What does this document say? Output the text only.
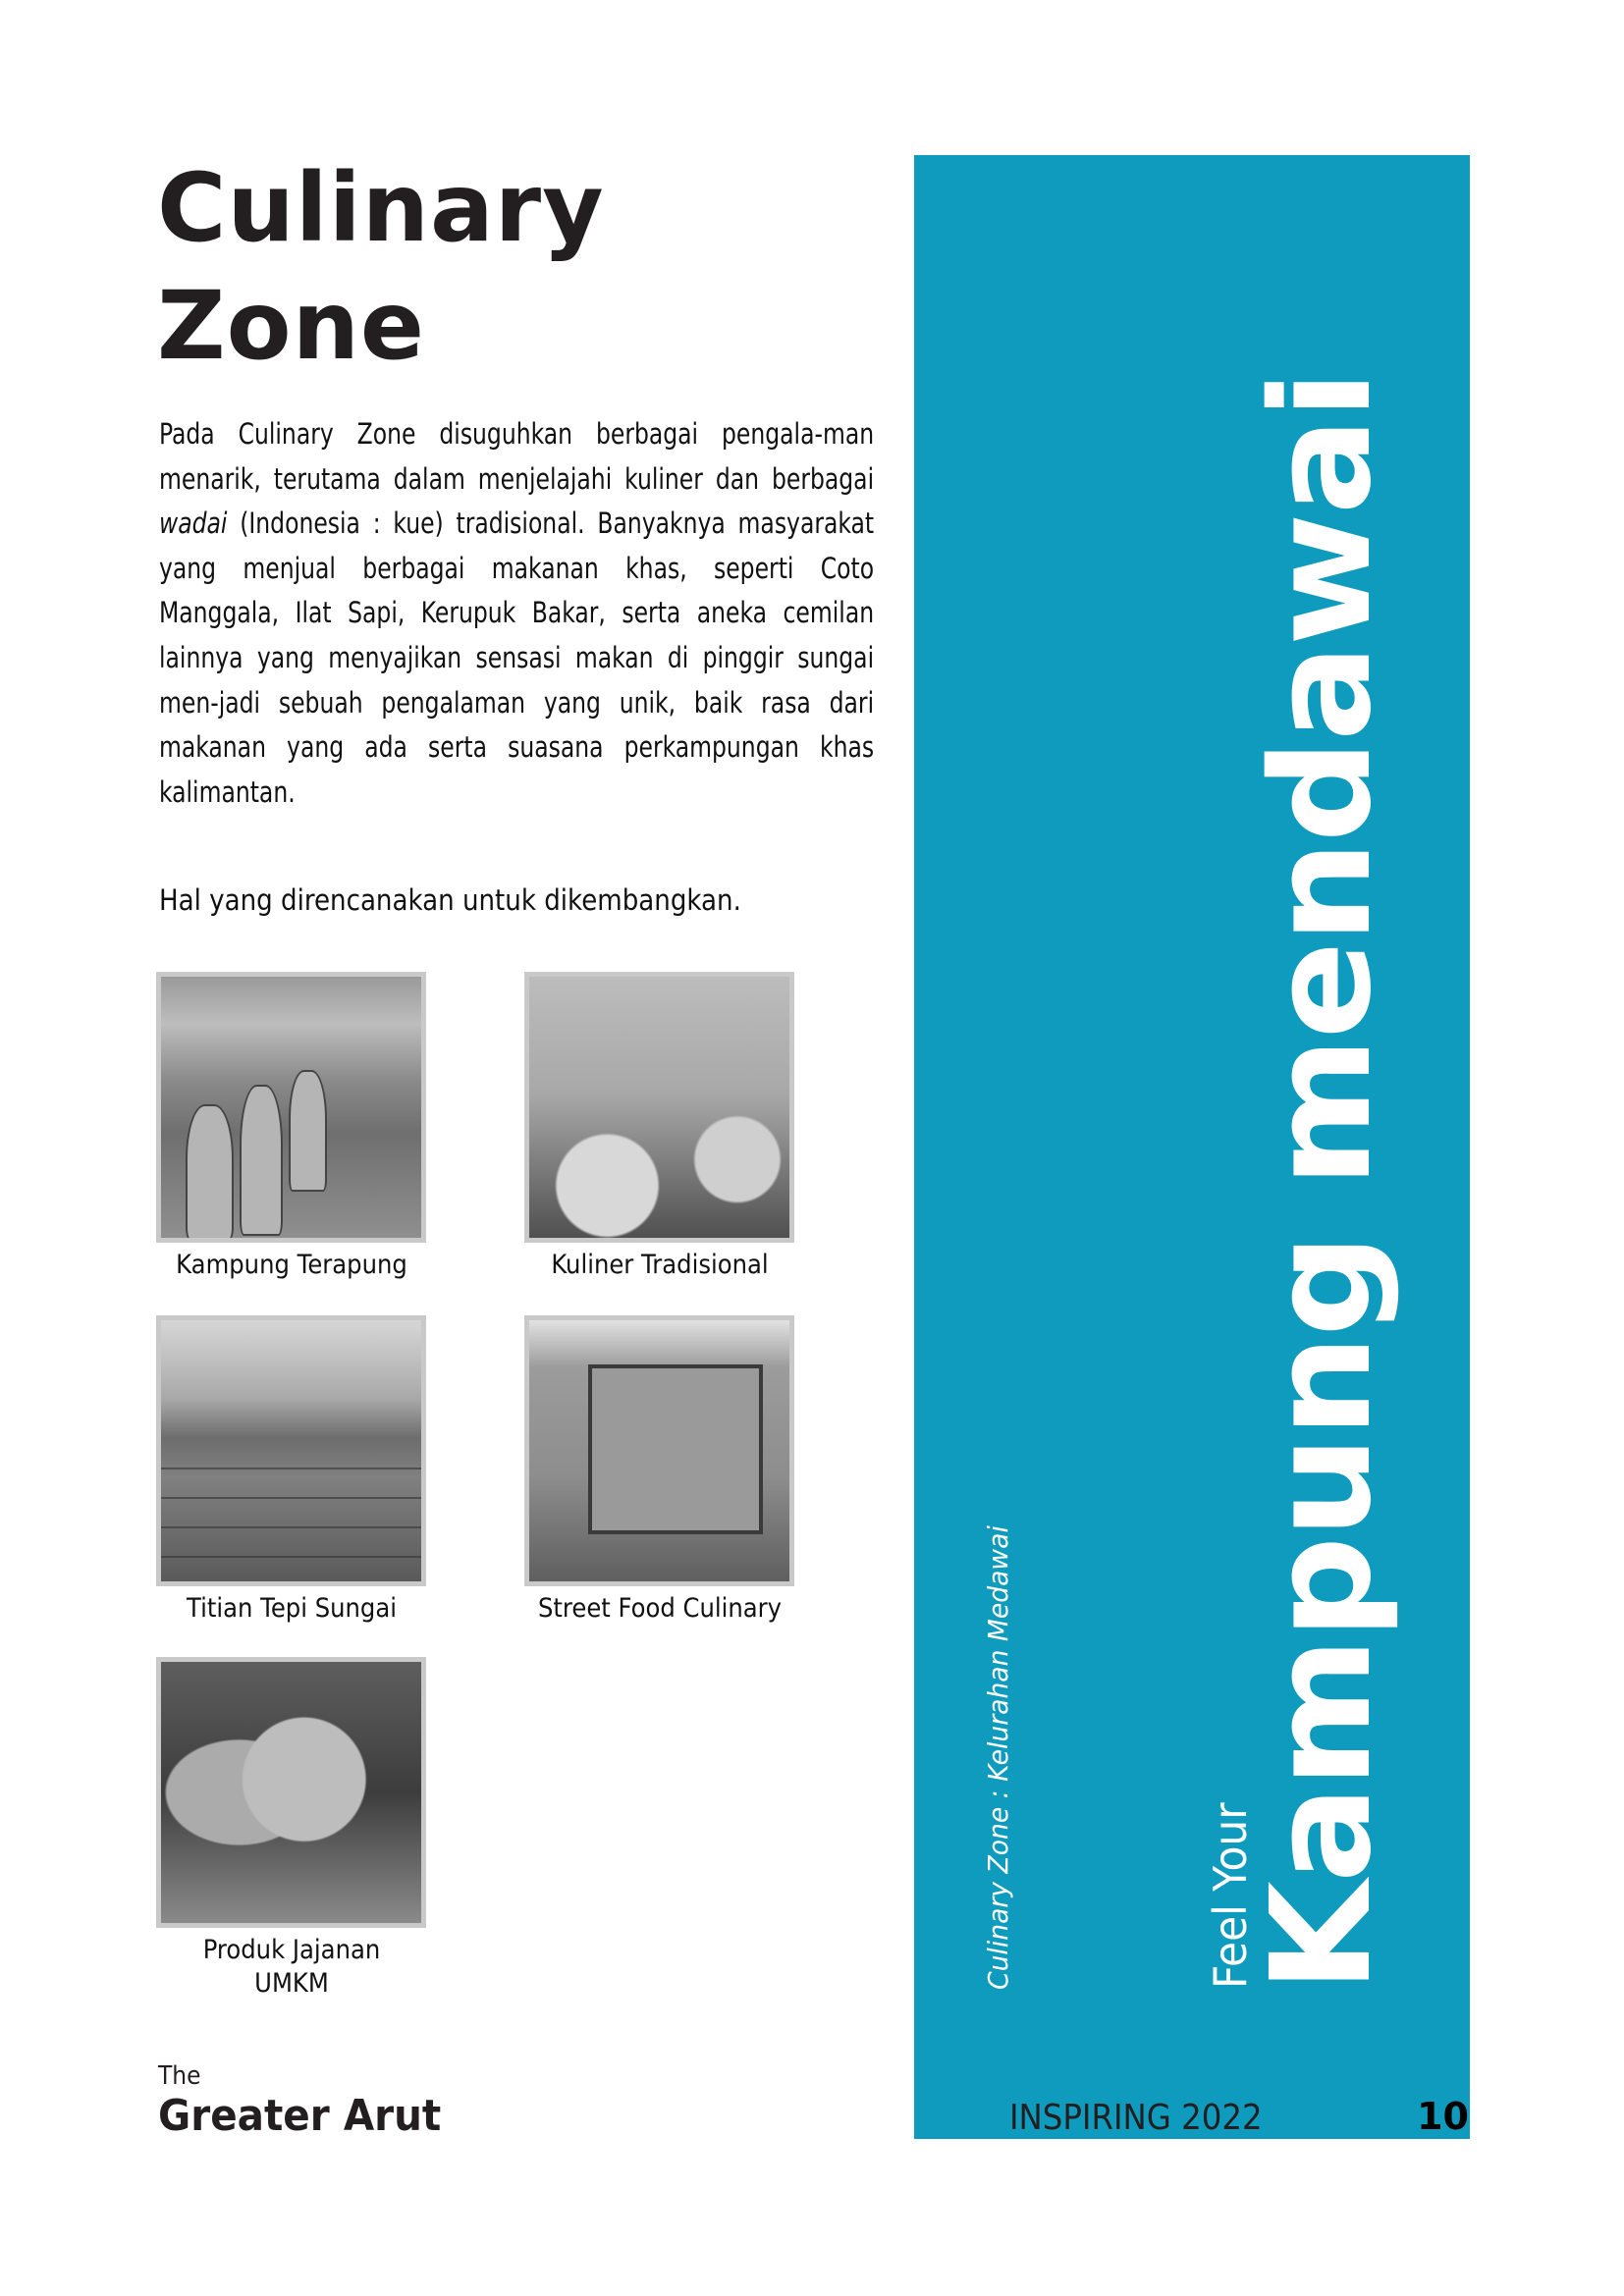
Culinary
Zone

Pada Culinary Zone disuguhkan berbagai pengala-man menarik, terutama dalam menjelajahi kuliner dan berbagai wadai (Indonesia : kue) tradisional. Banyaknya masyarakat yang menjual berbagai makanan khas, seperti Coto Manggala, Ilat Sapi, Kerupuk Bakar, serta aneka cemilan lainnya yang menyajikan sensasi makan di pinggir sungai men-jadi sebuah pengalaman yang unik, baik rasa dari makanan yang ada serta suasana perkampungan khas kalimantan.

Hal yang direncanakan untuk dikembangkan.

Kampung Terapung	Kuliner Tradisional
Titian Tepi Sungai	Street Food Culinary
Produk Jajanan
UMKM	Culinary Zone : Kelurahan Medawai	Feel Your
Kampung mendawai
The
Greater Arut	INSPIRING 2022	10
